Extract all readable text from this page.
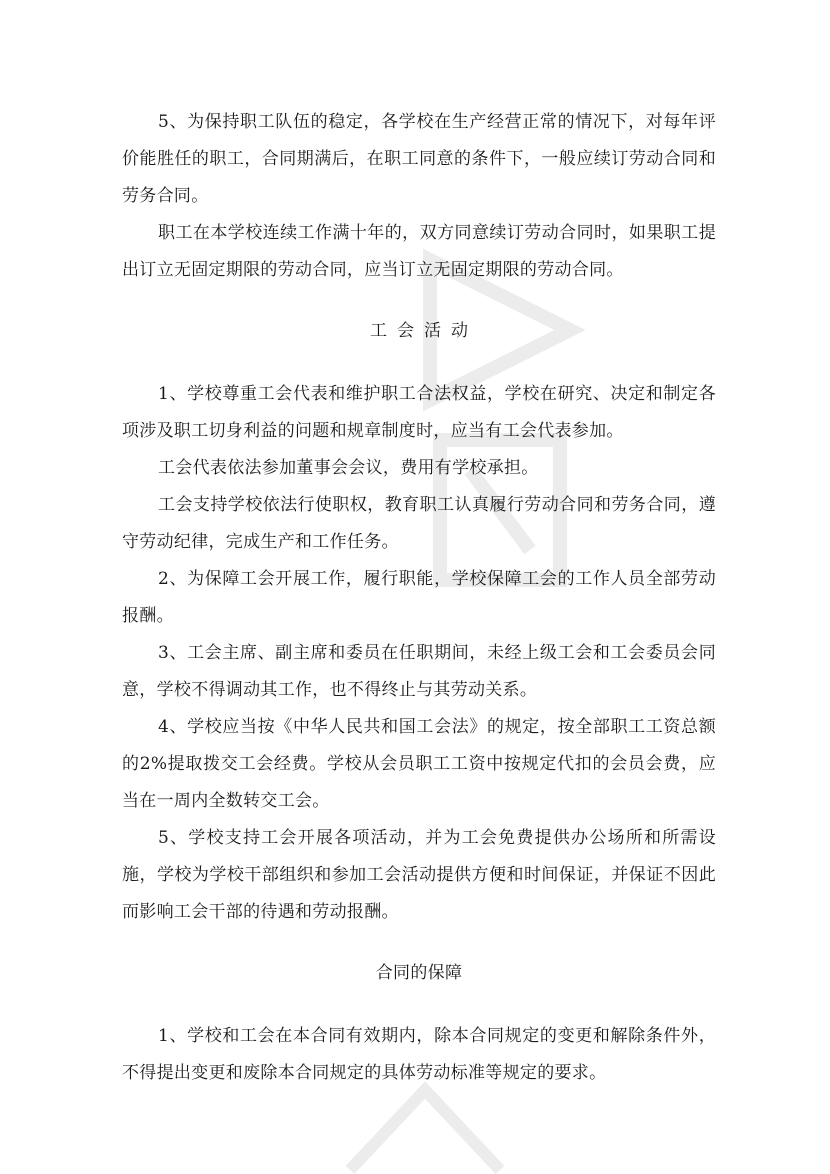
5、为保持职工队伍的稳定，各学校在生产经营正常的情况下，对每年评价能胜任的职工，合同期满后，在职工同意的条件下，一般应续订劳动合同和劳务合同。

职工在本学校连续工作满十年的，双方同意续订劳动合同时，如果职工提出订立无固定期限的劳动合同，应当订立无固定期限的劳动合同。

工会活动

1、学校尊重工会代表和维护职工合法权益，学校在研究、决定和制定各项涉及职工切身利益的问题和规章制度时，应当有工会代表参加。

工会代表依法参加董事会会议，费用有学校承担。

工会支持学校依法行使职权，教育职工认真履行劳动合同和劳务合同，遵守劳动纪律，完成生产和工作任务。

2、为保障工会开展工作，履行职能，学校保障工会的工作人员全部劳动报酬。

3、工会主席、副主席和委员在任职期间，未经上级工会和工会委员会同意，学校不得调动其工作，也不得终止与其劳动关系。

4、学校应当按《中华人民共和国工会法》的规定，按全部职工工资总额的2%提取拨交工会经费。学校从会员职工工资中按规定代扣的会员会费，应当在一周内全数转交工会。

5、学校支持工会开展各项活动，并为工会免费提供办公场所和所需设施，学校为学校干部组织和参加工会活动提供方便和时间保证，并保证不因此而影响工会干部的待遇和劳动报酬。

合同的保障

1、学校和工会在本合同有效期内，除本合同规定的变更和解除条件外，不得提出变更和废除本合同规定的具体劳动标准等规定的要求。
